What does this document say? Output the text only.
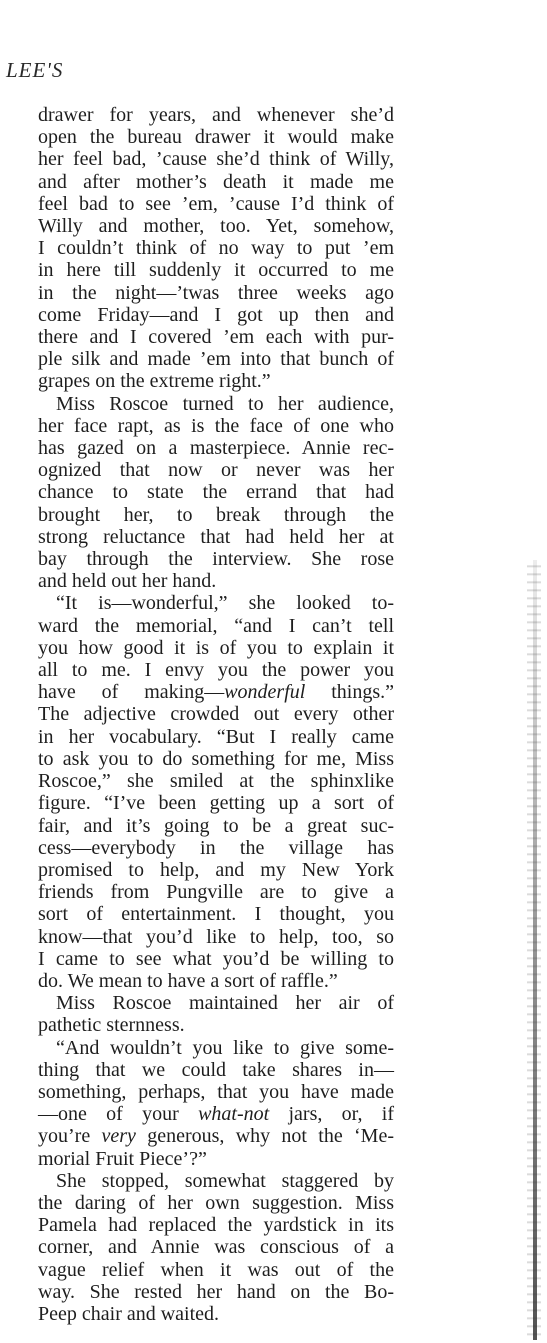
LEE'S
drawer for years, and whenever she’d
open the bureau drawer it would make
her feel bad, ’cause she’d think of Willy,
and after mother’s death it made me
feel bad to see ’em, ’cause I’d think of
Willy and mother, too. Yet, somehow,
I couldn’t think of no way to put ’em
in here till suddenly it occurred to me
in the night—’twas three weeks ago
come Friday—and I got up then and
there and I covered ’em each with pur-
ple silk and made ’em into that bunch of
grapes on the extreme right.”
Miss Roscoe turned to her audience,
her face rapt, as is the face of one who
has gazed on a masterpiece. Annie rec-
ognized that now or never was her
chance to state the errand that had
brought her, to break through the
strong reluctance that had held her at
bay through the interview. She rose
and held out her hand.
“It is—wonderful,” she looked to-
ward the memorial, “and I can’t tell
you how good it is of you to explain it
all to me. I envy you the power you
have of making—wonderful things.”
The adjective crowded out every other
in her vocabulary. “But I really came
to ask you to do something for me, Miss
Roscoe,” she smiled at the sphinxlike
figure. “I’ve been getting up a sort of
fair, and it’s going to be a great suc-
cess—everybody in the village has
promised to help, and my New York
friends from Pungville are to give a
sort of entertainment. I thought, you
know—that you’d like to help, too, so
I came to see what you’d be willing to
do. We mean to have a sort of raffle.”
Miss Roscoe maintained her air of
pathetic sternness.
“And wouldn’t you like to give some-
thing that we could take shares in—
something, perhaps, that you have made
—one of your what-not jars, or, if
you’re very generous, why not the ‘Me-
morial Fruit Piece’?”
She stopped, somewhat staggered by
the daring of her own suggestion. Miss
Pamela had replaced the yardstick in its
corner, and Annie was conscious of a
vague relief when it was out of the
way. She rested her hand on the Bo-
Peep chair and waited.
